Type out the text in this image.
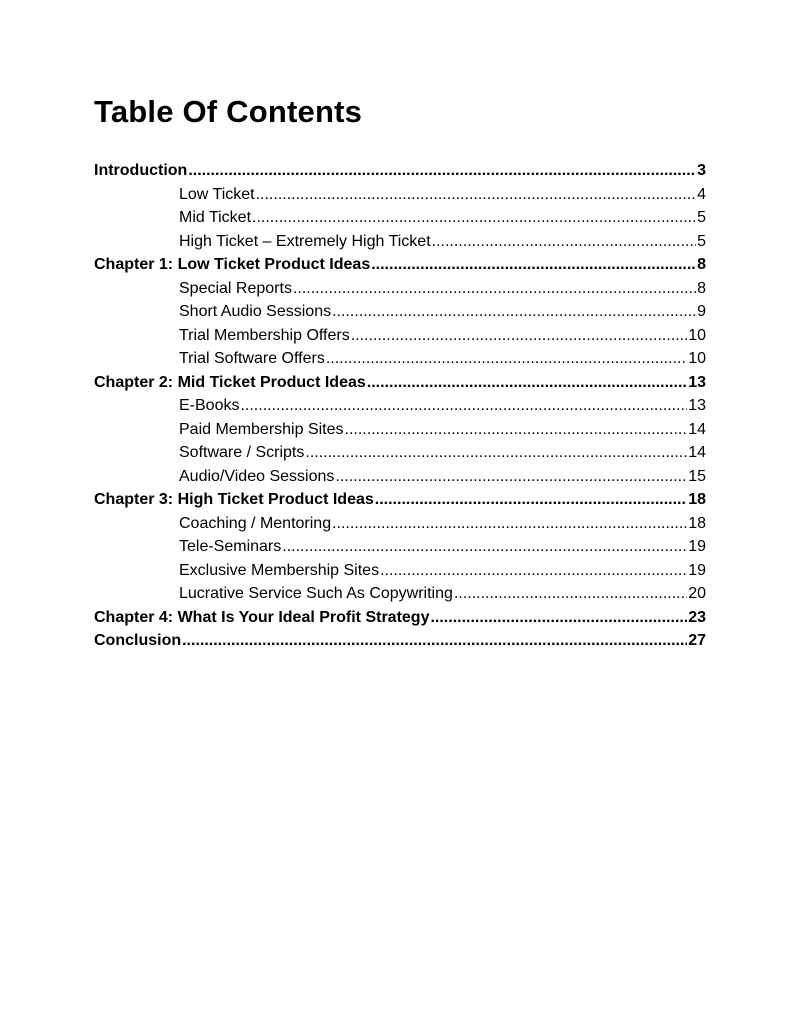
Table Of Contents
Introduction .....	3
Low Ticket .....	4
Mid Ticket .....	5
High Ticket – Extremely High Ticket .....	5
Chapter 1: Low Ticket Product Ideas .....	8
Special Reports .....	8
Short Audio Sessions .....	9
Trial Membership Offers .....	10
Trial Software Offers .....	10
Chapter 2: Mid Ticket Product Ideas .....	13
E-Books .....	13
Paid Membership Sites .....	14
Software / Scripts .....	14
Audio/Video Sessions .....	15
Chapter 3: High Ticket Product Ideas .....	18
Coaching / Mentoring .....	18
Tele-Seminars .....	19
Exclusive Membership Sites .....	19
Lucrative Service Such As Copywriting .....	20
Chapter 4: What Is Your Ideal Profit Strategy .....	23
Conclusion .....	27
